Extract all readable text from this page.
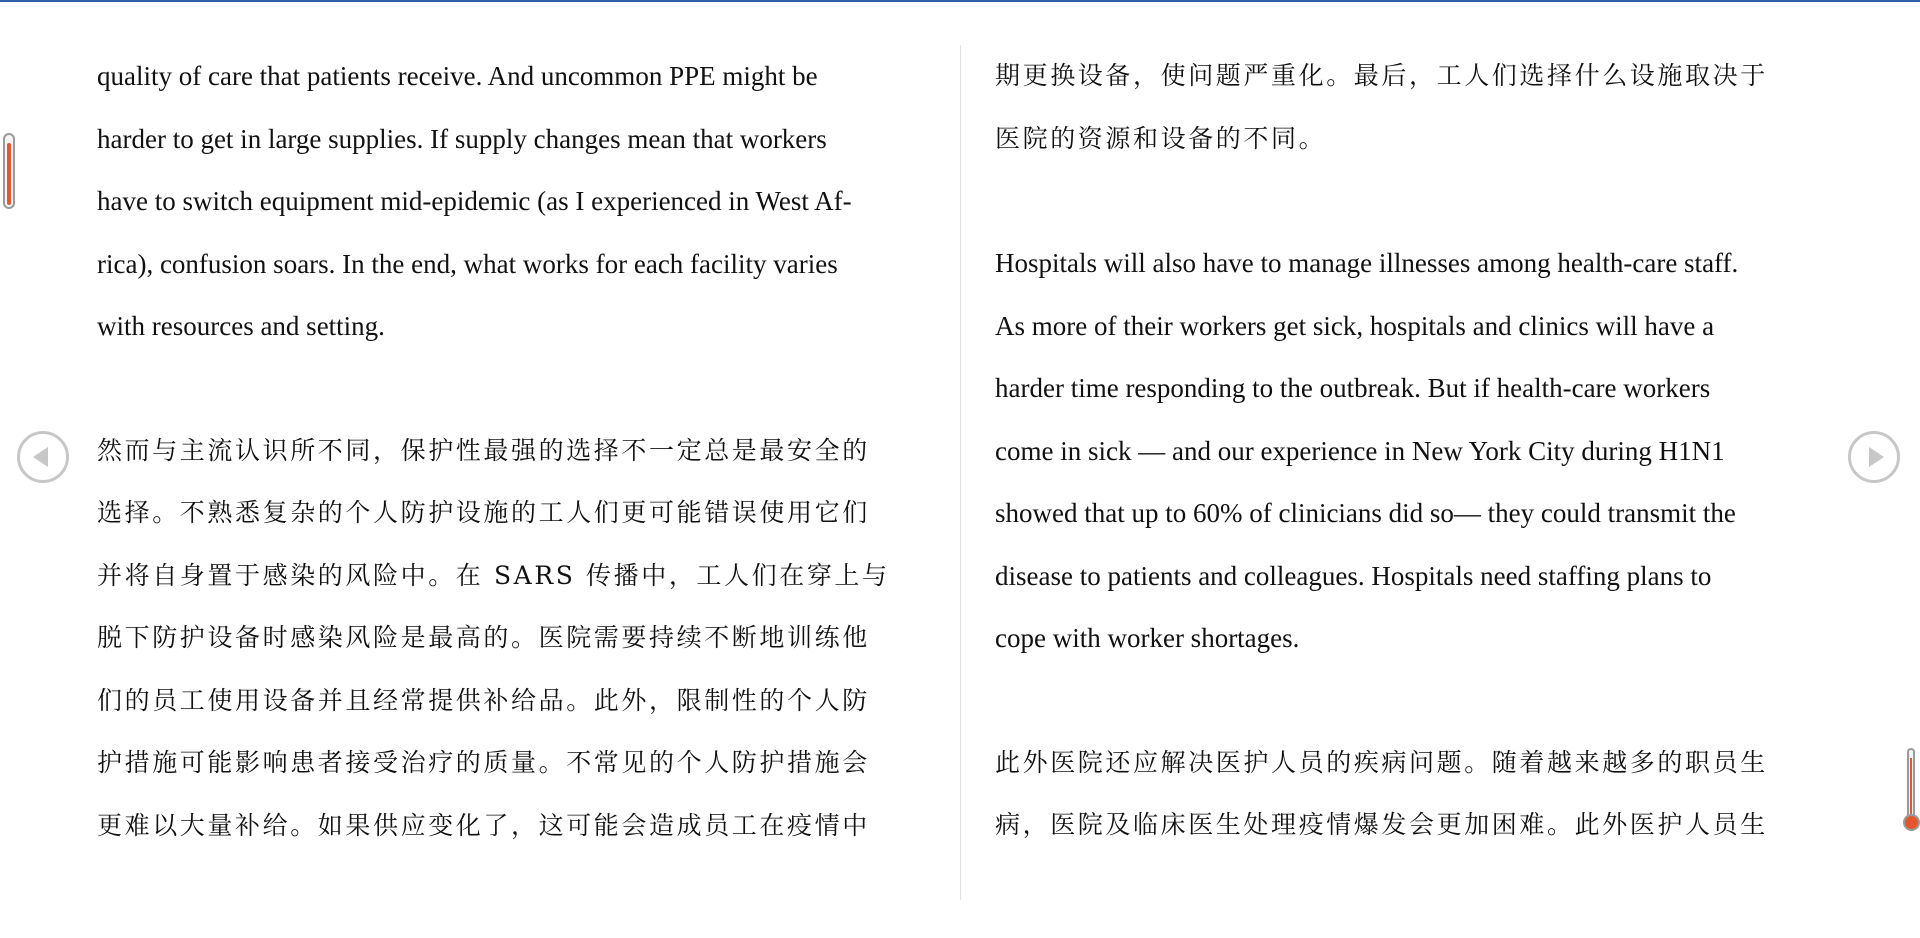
quality of care that patients receive. And uncommon PPE might be
harder to get in large supplies. If supply changes mean that workers
have to switch equipment mid-epidemic (as I experienced in West Af-
rica), confusion soars. In the end, what works for each facility varies
with resources and setting.
然而与主流认识所不同，保护性最强的选择不一定总是最安全的
选择。不熟悉复杂的个人防护设施的工人们更可能错误使用它们
并将自身置于感染的风险中。在 SARS 传播中，工人们在穿上与
脱下防护设备时感染风险是最高的。医院需要持续不断地训练他
们的员工使用设备并且经常提供补给品。此外，限制性的个人防
护措施可能影响患者接受治疗的质量。不常见的个人防护措施会
更难以大量补给。如果供应变化了，这可能会造成员工在疫情中
期更换设备，使问题严重化。最后，工人们选择什么设施取决于
医院的资源和设备的不同。
Hospitals will also have to manage illnesses among health-care staff.
As more of their workers get sick, hospitals and clinics will have a
harder time responding to the outbreak. But if health-care workers
come in sick — and our experience in New York City during H1N1
showed that up to 60% of clinicians did so— they could transmit the
disease to patients and colleagues. Hospitals need staffing plans to
cope with worker shortages.
此外医院还应解决医护人员的疾病问题。随着越来越多的职员生
病，医院及临床医生处理疫情爆发会更加困难。此外医护人员生
